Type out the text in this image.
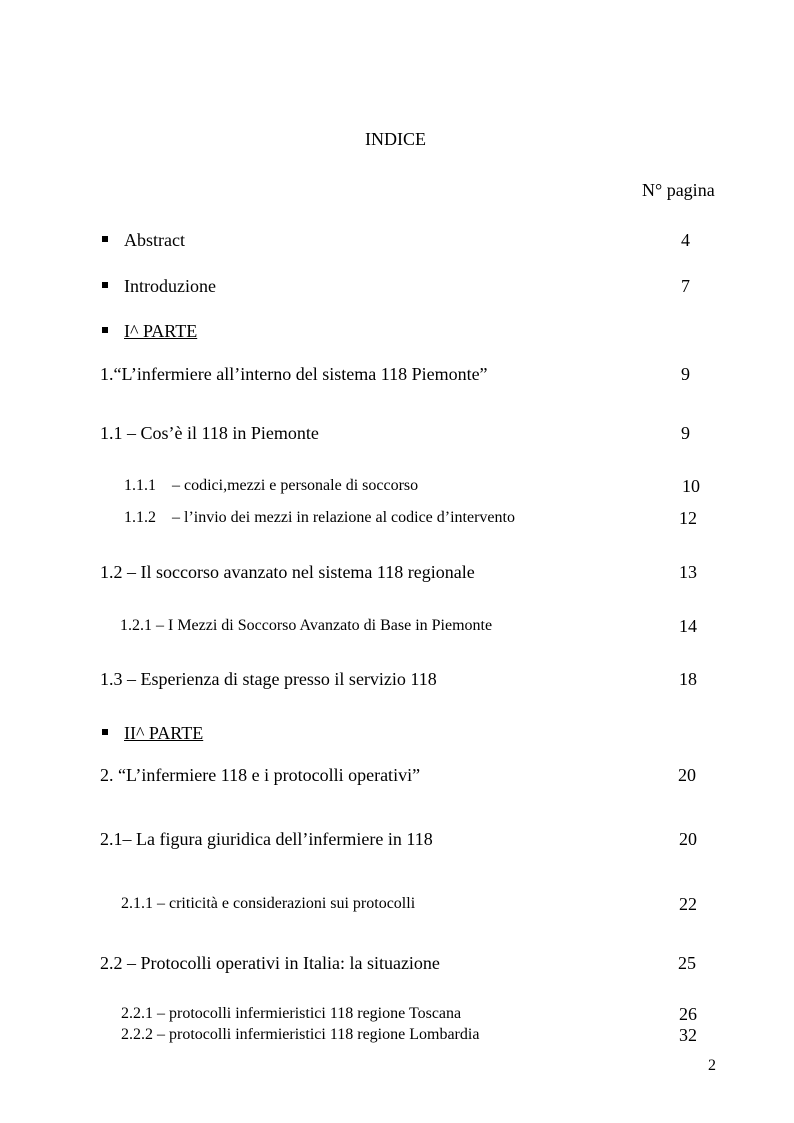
INDICE
N° pagina
Abstract	4
Introduzione	7
I^ PARTE
1.“L’infermiere all’interno del sistema 118 Piemonte”	9
1.1 – Cos’è il 118 in Piemonte	9
1.1.1 – codici,mezzi e personale di soccorso	10
1.1.2 – l’invio dei mezzi in relazione al codice d’intervento	12
1.2 – Il soccorso avanzato nel sistema 118 regionale	13
1.2.1 – I Mezzi di Soccorso Avanzato di Base in Piemonte	14
1.3 – Esperienza di stage presso il servizio 118	18
II^ PARTE
2. “L’infermiere 118 e i protocolli operativi”	20
2.1– La figura giuridica dell’infermiere in 118	20
2.1.1 – criticità e considerazioni sui protocolli	22
2.2 – Protocolli operativi in Italia: la situazione	25
2.2.1 – protocolli infermieristici 118 regione Toscana	26
2.2.2 – protocolli infermieristici 118 regione Lombardia	32
2
